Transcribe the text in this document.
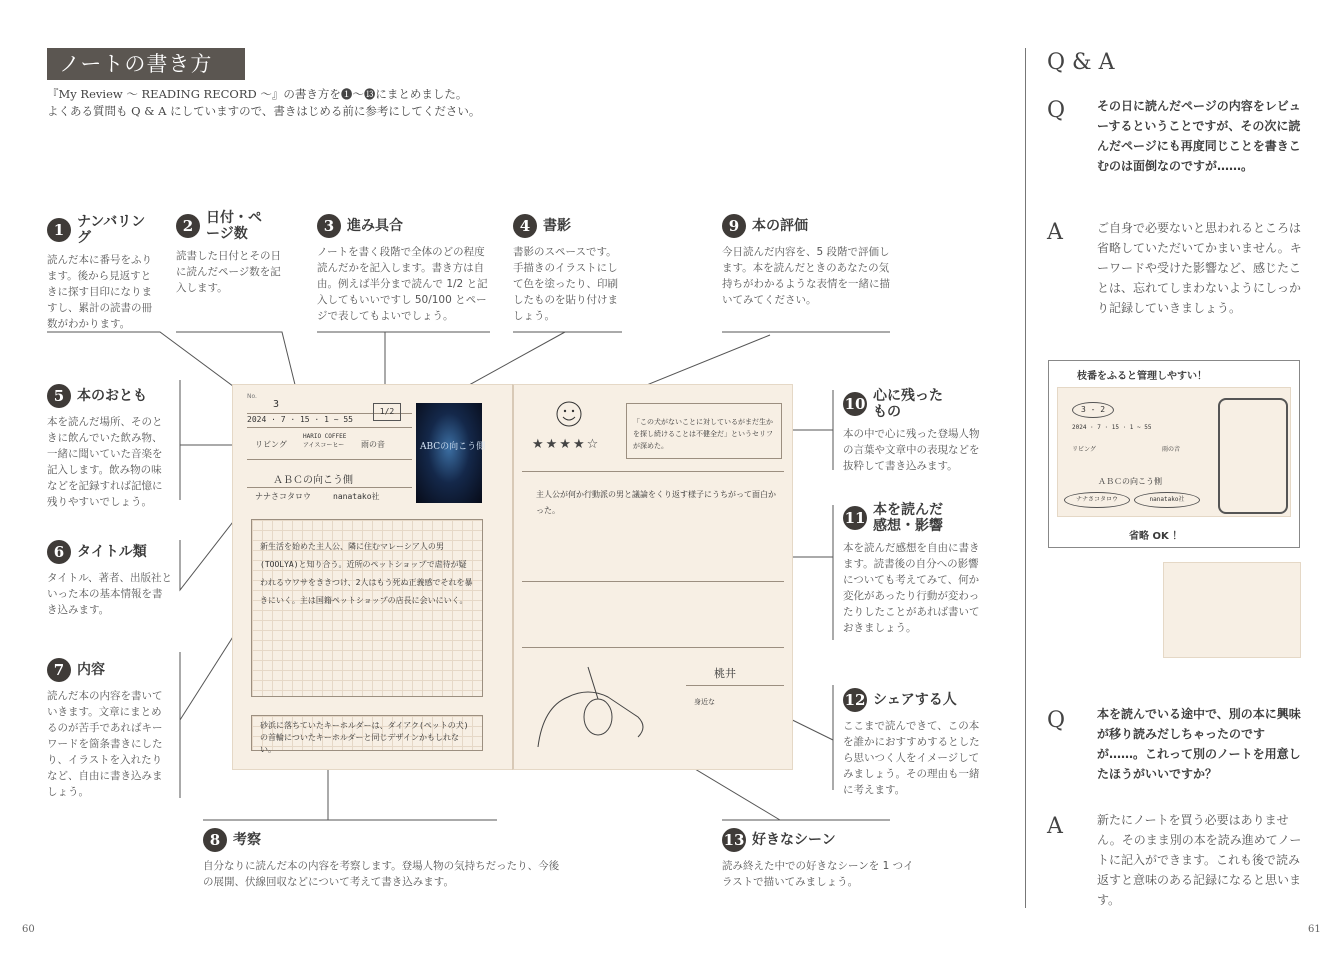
ノートの書き方
『My Review ～ READING RECORD ～』の書き方を❶～⓭にまとめました。
よくある質問も Q & A にしていますので、書きはじめる前に参考にしてください。
1 ナンバリング
読んだ本に番号をふります。後から見返すときに探す目印になりますし、累計の読書の冊数がわかります。
2 日付・ページ数
読書した日付とその日に読んだページ数を記入します。
3 進み具合
ノートを書く段階で全体のどの程度読んだかを記入します。書き方は自由。例えば半分まで読んで 1/2 と記入してもいいですし 50/100 とページで表してもよいでしょう。
4 書影
書影のスペースです。手描きのイラストにして色を塗ったり、印刷したものを貼り付けましょう。
9 本の評価
今日読んだ内容を、5 段階で評価します。本を読んだときのあなたの気持ちがわかるような表情を一緒に描いてみてください。
5 本のおとも
本を読んだ場所、そのときに飲んでいた飲み物、一緒に聞いていた音楽を記入します。飲み物の味などを記録すれば記憶に残りやすいでしょう。
6 タイトル類
タイトル、著者、出版社といった本の基本情報を書き込みます。
7 内容
読んだ本の内容を書いていきます。文章にまとめるのが苦手であればキーワードを箇条書きにしたり、イラストを入れたりなど、自由に書き込みましょう。
8 考察
自分なりに読んだ本の内容を考察します。登場人物の気持ちだったり、今後の展開、伏線回収などについて考えて書き込みます。
10 心に残ったもの
本の中で心に残った登場人物の言葉や文章中の表現などを抜粋して書き込みます。
11 本を読んだ感想・影響
本を読んだ感想を自由に書きます。読書後の自分への影響についても考えてみて、何か変化があったり行動が変わったりしたことがあれば書いておきましょう。
12 シェアする人
ここまで読んできて、この本を誰かにおすすめするとしたら思いつく人をイメージしてみましょう。その理由も一緒に考えます。
13 好きなシーン
読み終えた中での好きなシーンを 1 つイラストで描いてみましょう。
No.
3
2024 · 7 · 15 · 1 ~ 55
1/2
リビング
HARIO COFFEE アイスコーヒー	雨の音
ＡＢＣの向こう側
ナナさコタロウ	nanatako社
ABCの向こう側
新生活を始めた主人公、隣に住むマレーシア人の男(TOOLYA)と知り合う。近所のペットショップで虐待が疑われるウワサをききつけ、2人はもう死ぬ正義感でそれを暴きにいく。主は国籍ペットショップの店長に会いにいく。
砂浜に落ちていたキーホルダーは、ダイアク(ペットの犬)の首輪についたキーホルダーと同じデザインかもしれない。
★★★★☆
「この犬がないことに対しているがまだ生かを探し続けることは不健全だ」というセリフが深めた。
主人公が何か行動派の男と議論をくり返す様子にうちがって面白かった。
桃井
身近な
60
Q & A
Q	その日に読んだページの内容をレビューするということですが、その次に読んだページにも再度同じことを書きこむのは面倒なのですが……。
A	ご自身で必要ないと思われるところは省略していただいてかまいません。キーワードや受けた影響など、感じたことは、忘れてしまわないようにしっかり記録していきましょう。
枝番をふると管理しやすい！
3 - 2
2024 · 7 · 15 · 1 ~ 55
リビング	雨の音
ＡＢＣの向こう側
ナナさコタロウ	nanatako社
省略 OK ！
Q	本を読んでいる途中で、別の本に興味が移り読みだしちゃったのですが……。これって別のノートを用意したほうがいいですか？
A	新たにノートを買う必要はありません。そのまま別の本を読み進めてノートに記入ができます。これも後で読み返すと意味のある記録になると思います。
61
